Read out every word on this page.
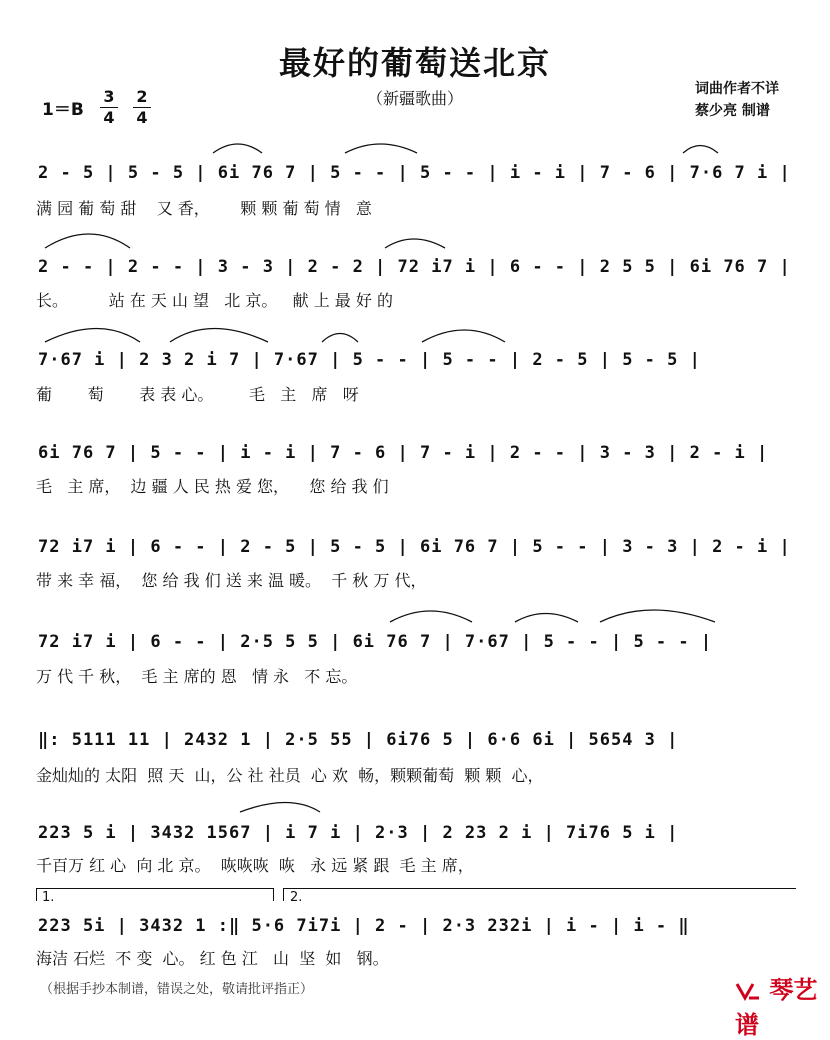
最好的葡萄送北京
（新疆歌曲）
1＝B
3
4
2
4
词曲作者不详
蔡少亮 制谱
2 - 5 | 5 - 5 | 6i 76 7 | 5 - - | 5 - - | i - i | 7 - 6 | 7·6 7 i |
满 园 葡 萄 甜    又 香，      颗 颗 葡 萄 情   意
2 - - | 2 - - | 3 - 3 | 2 - 2 | 72 i7 i | 6 - - | 2 5 5 | 6i 76 7 |
长。        站 在 天 山 望   北 京。   献 上 最 好 的
7·67 i | 2 3 2 i 7 | 7·67 | 5 - - | 5 - - | 2 - 5 | 5 - 5 |
葡       萄       表 表 心。       毛   主   席   呀
6i 76 7 | 5 - - | i - i | 7 - 6 | 7 - i | 2 - - | 3 - 3 | 2 - i |
毛   主 席，  边 疆 人 民 热 爱 您，    您 给 我 们
72 i7 i | 6 - - | 2 - 5 | 5 - 5 | 6i 76 7 | 5 - - | 3 - 3 | 2 - i |
带 来 幸 福，  您 给 我 们 送 来 温 暖。  千 秋 万 代，
72 i7 i | 6 - - | 2·5 5 5 | 6i 76 7 | 7·67 | 5 - - | 5 - - |
万 代 千 秋，  毛 主 席的 恩   情 永   不 忘。
‖: 5111 11 | 2432 1 | 2·5 55 | 6i76 5 | 6·6 6i | 5654 3 |
金灿灿的 太阳  照 天  山，公 社 社员  心 欢  畅，颗颗葡萄  颗 颗  心，
223 5 i | 3432 1567 | i 7 i | 2·3 | 2 23 2 i | 7i76 5 i |
千百万 红 心  向 北 京。  咴咴咴  咴   永 远 紧 跟  毛 主 席，
1.	2.
223 5i | 3432 1 :‖ 5·6 7i7i | 2 - | 2·3 232i | i - | i - ‖
海洁 石烂  不 变  心。 红 色 江   山  坚  如   钢。
（根据手抄本制谱，错误之处，敬请批评指正）	琴艺谱
